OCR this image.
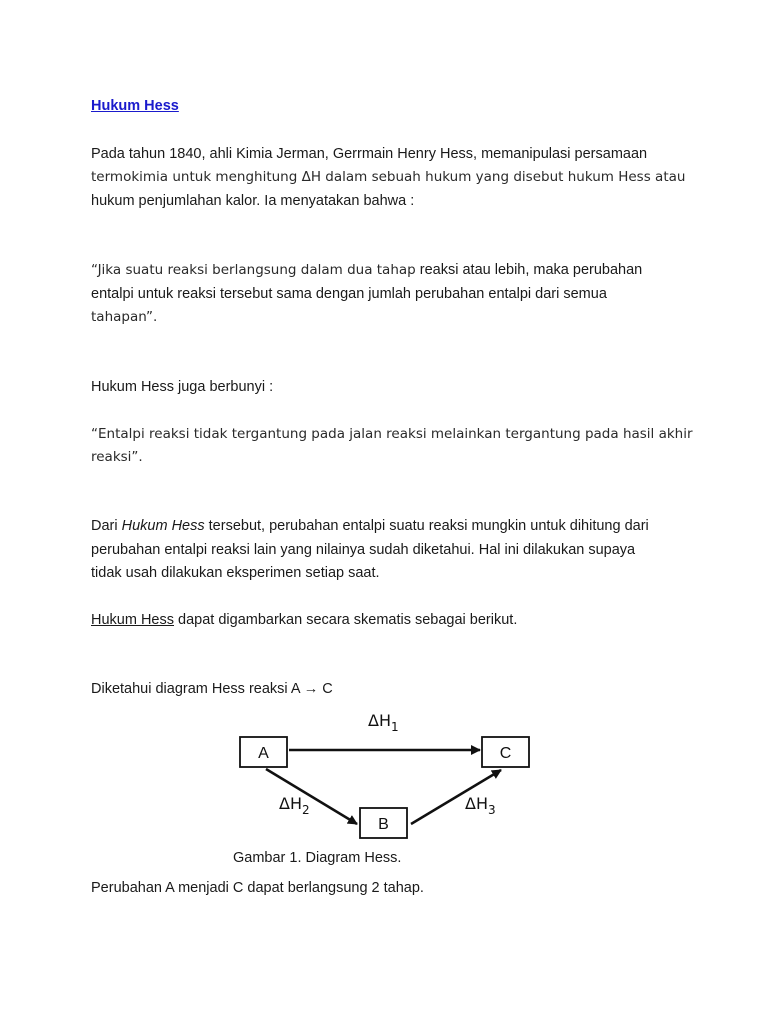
Hukum Hess
Pada tahun 1840, ahli Kimia Jerman, Gerrmain Henry Hess, memanipulasi persamaan
termokimia untuk menghitung ΔH dalam sebuah hukum yang disebut hukum Hess atau
hukum penjumlahan kalor. Ia menyatakan bahwa :
“Jika suatu reaksi berlangsung dalam dua tahap reaksi atau lebih, maka perubahan
entalpi untuk reaksi tersebut sama dengan jumlah perubahan entalpi dari semua
tahapan”.
Hukum Hess juga berbunyi :
“Entalpi reaksi tidak tergantung pada jalan reaksi melainkan tergantung pada hasil akhir
reaksi”.
Dari Hukum Hess tersebut, perubahan entalpi suatu reaksi mungkin untuk dihitung dari
perubahan entalpi reaksi lain yang nilainya sudah diketahui. Hal ini dilakukan supaya
tidak usah dilakukan eksperimen setiap saat.
Hukum Hess dapat digambarkan secara skematis sebagai berikut.
Diketahui diagram Hess reaksi A → C
A	C
B
$\Delta H_1$
$\Delta H_2$	$\Delta H_3$
Gambar 1. Diagram Hess.
Perubahan A menjadi C dapat berlangsung 2 tahap.
